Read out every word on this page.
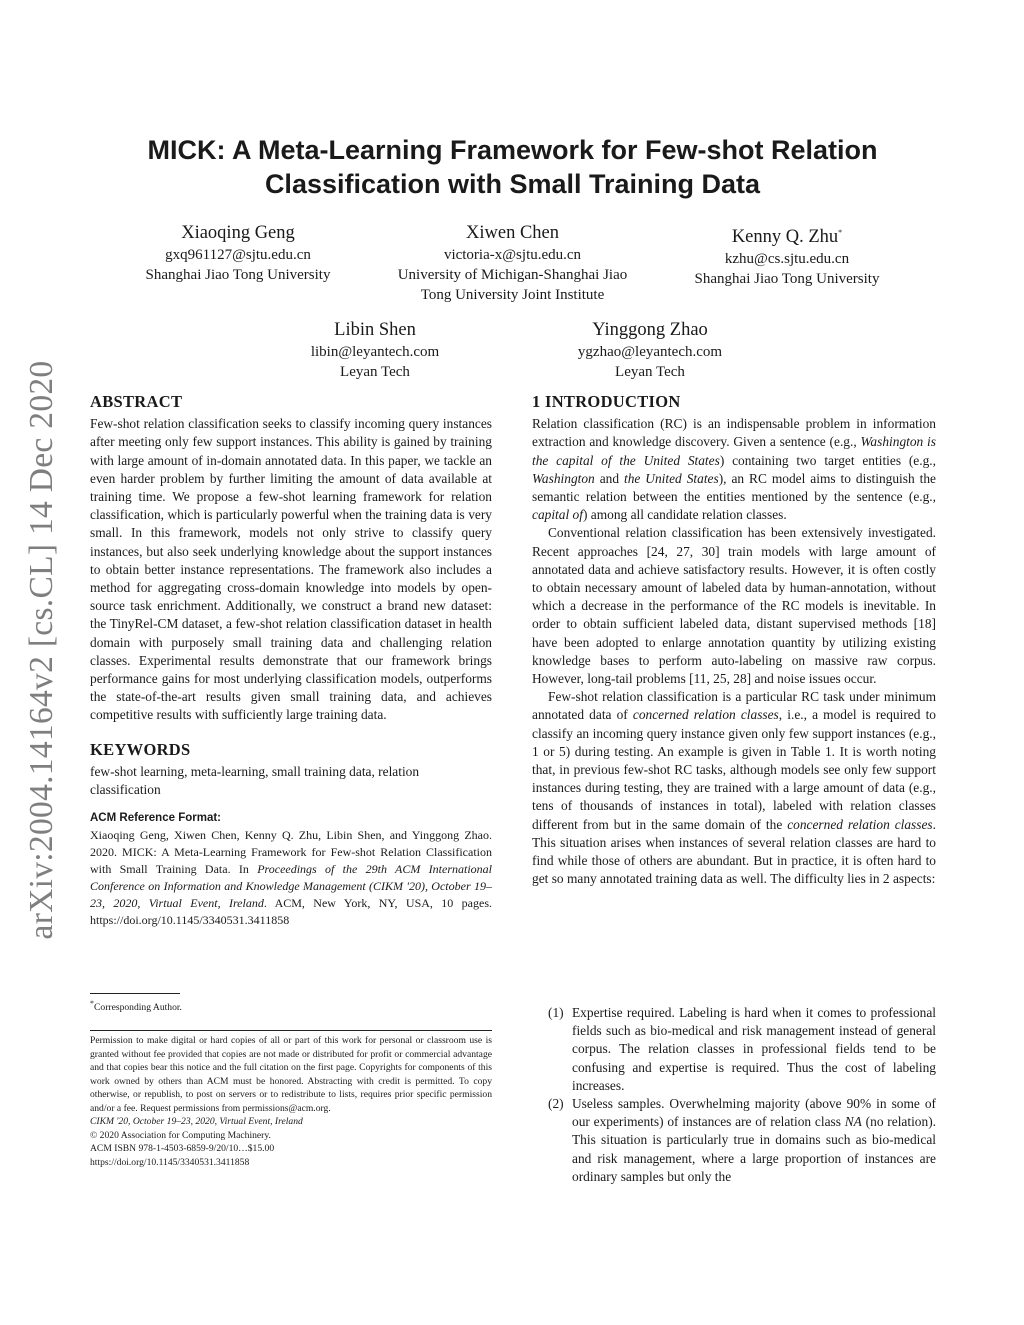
arXiv:2004.14164v2 [cs.CL] 14 Dec 2020
MICK: A Meta-Learning Framework for Few-shot Relation
Classification with Small Training Data
Xiaoqing Geng
gxq961127@sjtu.edu.cn
Shanghai Jiao Tong University
Xiwen Chen
victoria-x@sjtu.edu.cn
University of Michigan-Shanghai Jiao
Tong University Joint Institute
Kenny Q. Zhu*
kzhu@cs.sjtu.edu.cn
Shanghai Jiao Tong University
Libin Shen
libin@leyantech.com
Leyan Tech
Yinggong Zhao
ygzhao@leyantech.com
Leyan Tech
ABSTRACT

Few-shot relation classification seeks to classify incoming query instances after meeting only few support instances. This ability is gained by training with large amount of in-domain annotated data. In this paper, we tackle an even harder problem by further limiting the amount of data available at training time. We propose a few-shot learning framework for relation classification, which is particularly powerful when the training data is very small. In this framework, models not only strive to classify query instances, but also seek underlying knowledge about the support instances to obtain better instance representations. The framework also includes a method for aggregating cross-domain knowledge into models by open-source task enrichment. Additionally, we construct a brand new dataset: the TinyRel-CM dataset, a few-shot relation classification dataset in health domain with purposely small training data and challenging relation classes. Experimental results demonstrate that our framework brings performance gains for most underlying classification models, outperforms the state-of-the-art results given small training data, and achieves competitive results with sufficiently large training data.

KEYWORDS

few-shot learning, meta-learning, small training data, relation classification

ACM Reference Format:

Xiaoqing Geng, Xiwen Chen, Kenny Q. Zhu, Libin Shen, and Yinggong Zhao. 2020. MICK: A Meta-Learning Framework for Few-shot Relation Classification with Small Training Data. In Proceedings of the 29th ACM International Conference on Information and Knowledge Management (CIKM '20), October 19–23, 2020, Virtual Event, Ireland. ACM, New York, NY, USA, 10 pages. https://doi.org/10.1145/3340531.3411858

*Corresponding Author.

Permission to make digital or hard copies of all or part of this work for personal or classroom use is granted without fee provided that copies are not made or distributed for profit or commercial advantage and that copies bear this notice and the full citation on the first page. Copyrights for components of this work owned by others than ACM must be honored. Abstracting with credit is permitted. To copy otherwise, or republish, to post on servers or to redistribute to lists, requires prior specific permission and/or a fee. Request permissions from permissions@acm.org.

CIKM '20, October 19–23, 2020, Virtual Event, Ireland

© 2020 Association for Computing Machinery.

ACM ISBN 978-1-4503-6859-9/20/10…$15.00

https://doi.org/10.1145/3340531.3411858

1 INTRODUCTION

Relation classification (RC) is an indispensable problem in information extraction and knowledge discovery. Given a sentence (e.g., Washington is the capital of the United States) containing two target entities (e.g., Washington and the United States), an RC model aims to distinguish the semantic relation between the entities mentioned by the sentence (e.g., capital of) among all candidate relation classes.

Conventional relation classification has been extensively investigated. Recent approaches [24, 27, 30] train models with large amount of annotated data and achieve satisfactory results. However, it is often costly to obtain necessary amount of labeled data by human-annotation, without which a decrease in the performance of the RC models is inevitable. In order to obtain sufficient labeled data, distant supervised methods [18] have been adopted to enlarge annotation quantity by utilizing existing knowledge bases to perform auto-labeling on massive raw corpus. However, long-tail problems [11, 25, 28] and noise issues occur.

Few-shot relation classification is a particular RC task under minimum annotated data of concerned relation classes, i.e., a model is required to classify an incoming query instance given only few support instances (e.g., 1 or 5) during testing. An example is given in Table 1. It is worth noting that, in previous few-shot RC tasks, although models see only few support instances during testing, they are trained with a large amount of data (e.g., tens of thousands of instances in total), labeled with relation classes different from but in the same domain of the concerned relation classes. This situation arises when instances of several relation classes are hard to find while those of others are abundant. But in practice, it is often hard to get so many annotated training data as well. The difficulty lies in 2 aspects:

(1) Expertise required. Labeling is hard when it comes to professional fields such as bio-medical and risk management instead of general corpus. The relation classes in professional fields tend to be confusing and expertise is required. Thus the cost of labeling increases.
(2) Useless samples. Overwhelming majority (above 90% in some of our experiments) of instances are of relation class NA (no relation). This situation is particularly true in domains such as bio-medical and risk management, where a large proportion of instances are ordinary samples but only the
